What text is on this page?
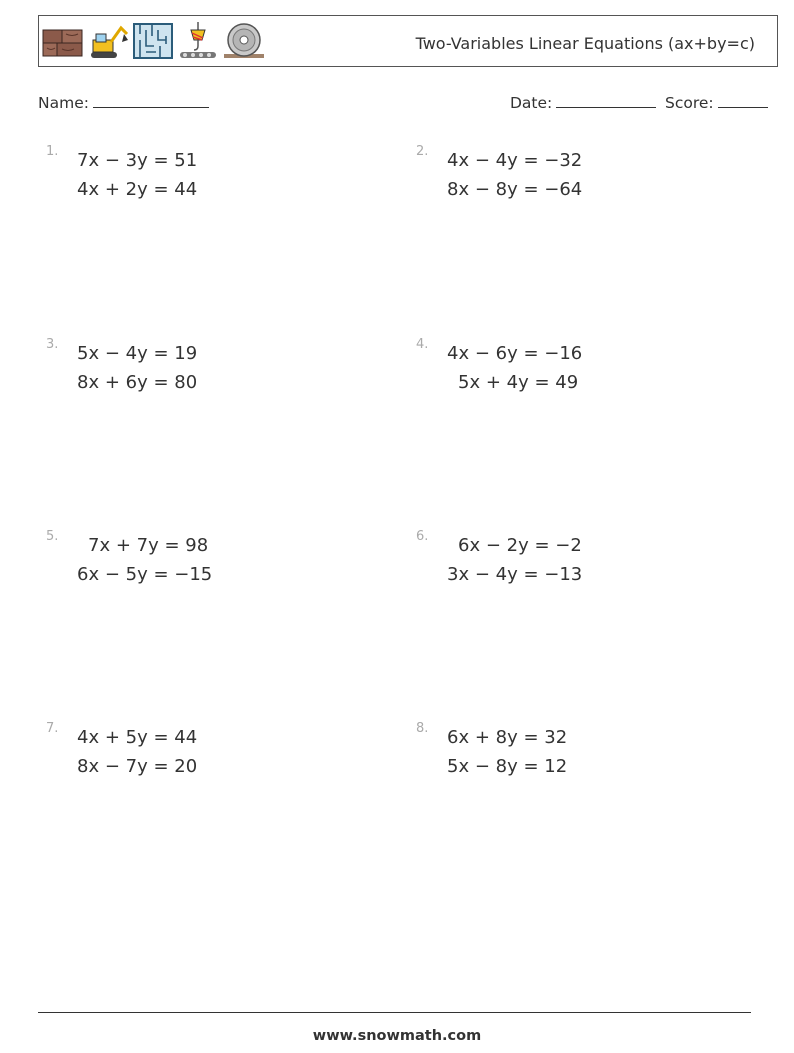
Two-Variables Linear Equations (ax+by=c)
Name:	Date:	Score:
1. 7x − 3y = 51
4x + 2y = 44
2. 4x − 4y = −32
8x − 8y = −64
3. 5x − 4y = 19
8x + 6y = 80
4. 4x − 6y = −16
5x + 4y = 49
5. 7x + 7y = 98
6x − 5y = −15
6. 6x − 2y = −2
3x − 4y = −13
7. 4x + 5y = 44
8x − 7y = 20
8. 6x + 8y = 32
5x − 8y = 12
www.snowmath.com
